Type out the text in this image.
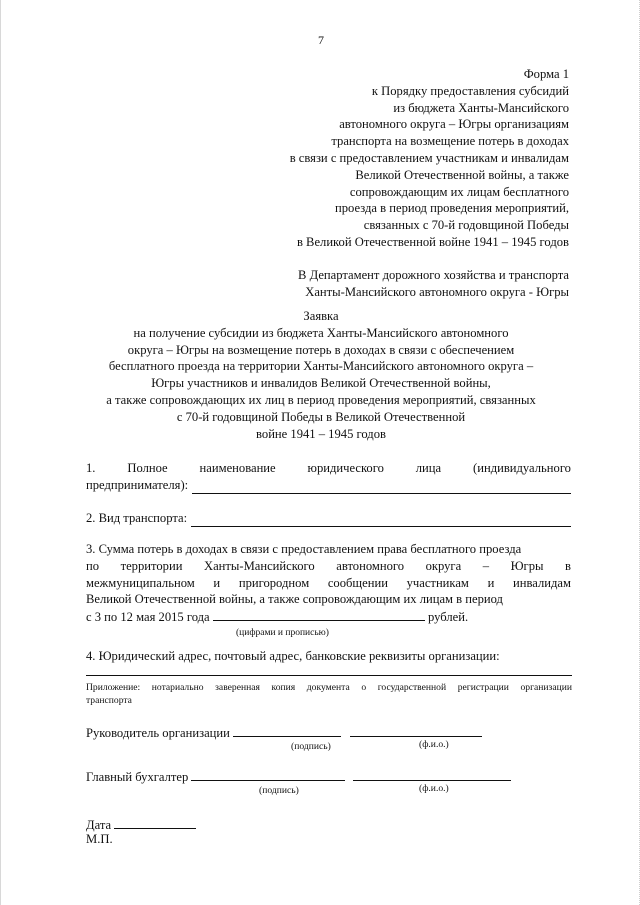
7
Форма 1
к Порядку предоставления субсидий
из бюджета Ханты-Мансийского
автономного округа – Югры организациям
транспорта на возмещение потерь в доходах
в связи с предоставлением участникам и инвалидам
Великой Отечественной войны, а также
сопровождающим их лицам бесплатного
проезда в период проведения мероприятий,
связанных с 70-й годовщиной Победы
в Великой Отечественной войне 1941 – 1945 годов
В Департамент дорожного хозяйства и транспорта
Ханты-Мансийского автономного округа - Югры
Заявка
на получение субсидии из бюджета Ханты-Мансийского автономного
округа – Югры на возмещение потерь в доходах в связи с обеспечением
бесплатного проезда на территории Ханты-Мансийского автономного округа –
Югры участников и инвалидов Великой Отечественной войны,
а также сопровождающих их лиц в период проведения мероприятий, связанных
с 70-й годовщиной Победы в Великой Отечественной
войне 1941 – 1945 годов
1.	Полное	наименование	юридического	лица	(индивидуального
предпринимателя):
2. Вид транспорта:
3. Сумма потерь в доходах в связи с предоставлением права бесплатного проезда
по территории Ханты-Мансийского автономного округа – Югры в
межмуниципальном и пригородном сообщении участникам и инвалидам
Великой Отечественной войны, а также сопровождающим их лицам в период
с 3 по 12 мая 2015 года	рублей.
(цифрами и прописью)
4. Юридический адрес, почтовый адрес, банковские реквизиты организации:
Приложение: нотариально заверенная копия документа о государственной регистрации организации
транспорта
Руководитель организации
(подпись)	(ф.и.о.)
Главный бухгалтер
(подпись)	(ф.и.о.)
Дата
М.П.
